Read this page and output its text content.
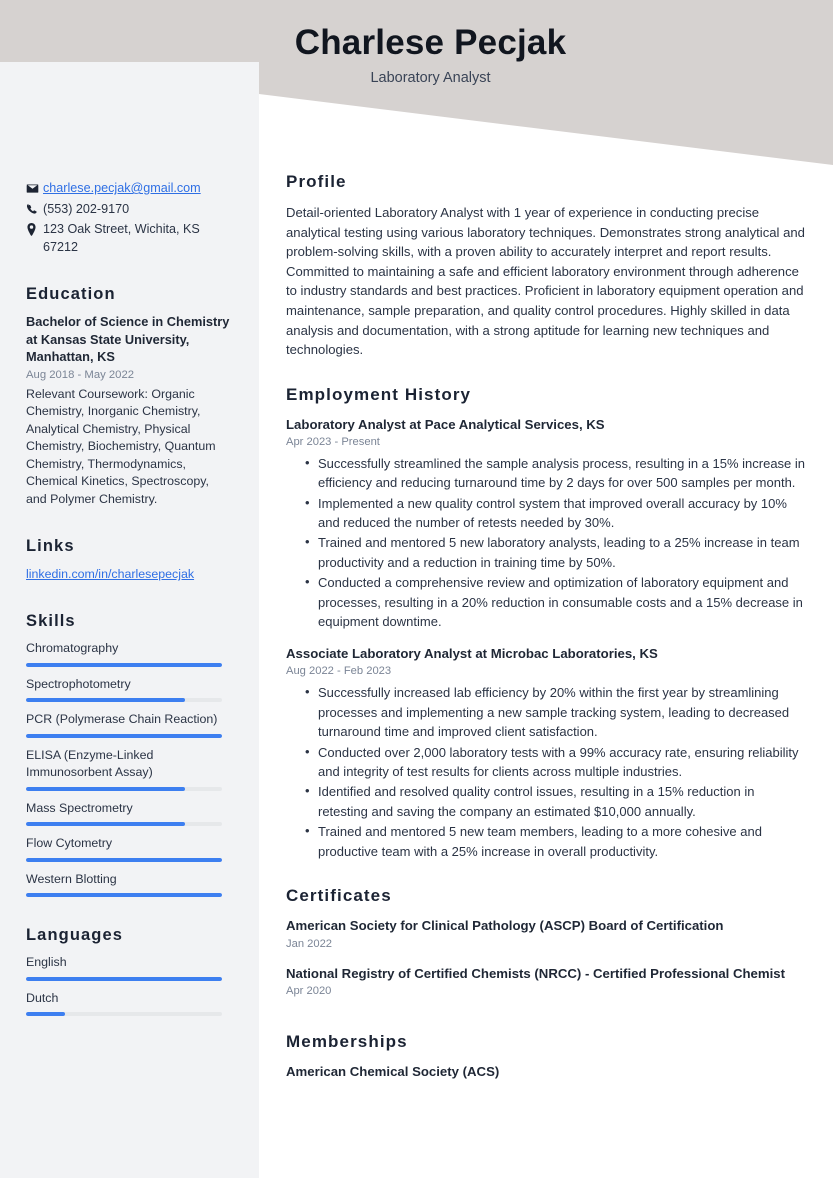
Charlese Pecjak
Laboratory Analyst
charlese.pecjak@gmail.com
(553) 202-9170
123 Oak Street, Wichita, KS 67212
Education
Bachelor of Science in Chemistry at Kansas State University, Manhattan, KS
Aug 2018 - May 2022
Relevant Coursework: Organic Chemistry, Inorganic Chemistry, Analytical Chemistry, Physical Chemistry, Biochemistry, Quantum Chemistry, Thermodynamics, Chemical Kinetics, Spectroscopy, and Polymer Chemistry.
Links
linkedin.com/in/charlesepecjak
Skills
Chromatography
Spectrophotometry
PCR (Polymerase Chain Reaction)
ELISA (Enzyme-Linked Immunosorbent Assay)
Mass Spectrometry
Flow Cytometry
Western Blotting
Languages
English
Dutch
Profile
Detail-oriented Laboratory Analyst with 1 year of experience in conducting precise analytical testing using various laboratory techniques. Demonstrates strong analytical and problem-solving skills, with a proven ability to accurately interpret and report results. Committed to maintaining a safe and efficient laboratory environment through adherence to industry standards and best practices. Proficient in laboratory equipment operation and maintenance, sample preparation, and quality control procedures. Highly skilled in data analysis and documentation, with a strong aptitude for learning new techniques and technologies.
Employment History
Laboratory Analyst at Pace Analytical Services, KS
Apr 2023 - Present
• Successfully streamlined the sample analysis process, resulting in a 15% increase in efficiency and reducing turnaround time by 2 days for over 500 samples per month.
• Implemented a new quality control system that improved overall accuracy by 10% and reduced the number of retests needed by 30%.
• Trained and mentored 5 new laboratory analysts, leading to a 25% increase in team productivity and a reduction in training time by 50%.
• Conducted a comprehensive review and optimization of laboratory equipment and processes, resulting in a 20% reduction in consumable costs and a 15% decrease in equipment downtime.
Associate Laboratory Analyst at Microbac Laboratories, KS
Aug 2022 - Feb 2023
• Successfully increased lab efficiency by 20% within the first year by streamlining processes and implementing a new sample tracking system, leading to decreased turnaround time and improved client satisfaction.
• Conducted over 2,000 laboratory tests with a 99% accuracy rate, ensuring reliability and integrity of test results for clients across multiple industries.
• Identified and resolved quality control issues, resulting in a 15% reduction in retesting and saving the company an estimated $10,000 annually.
• Trained and mentored 5 new team members, leading to a more cohesive and productive team with a 25% increase in overall productivity.
Certificates
American Society for Clinical Pathology (ASCP) Board of Certification
Jan 2022
National Registry of Certified Chemists (NRCC) - Certified Professional Chemist
Apr 2020
Memberships
American Chemical Society (ACS)
